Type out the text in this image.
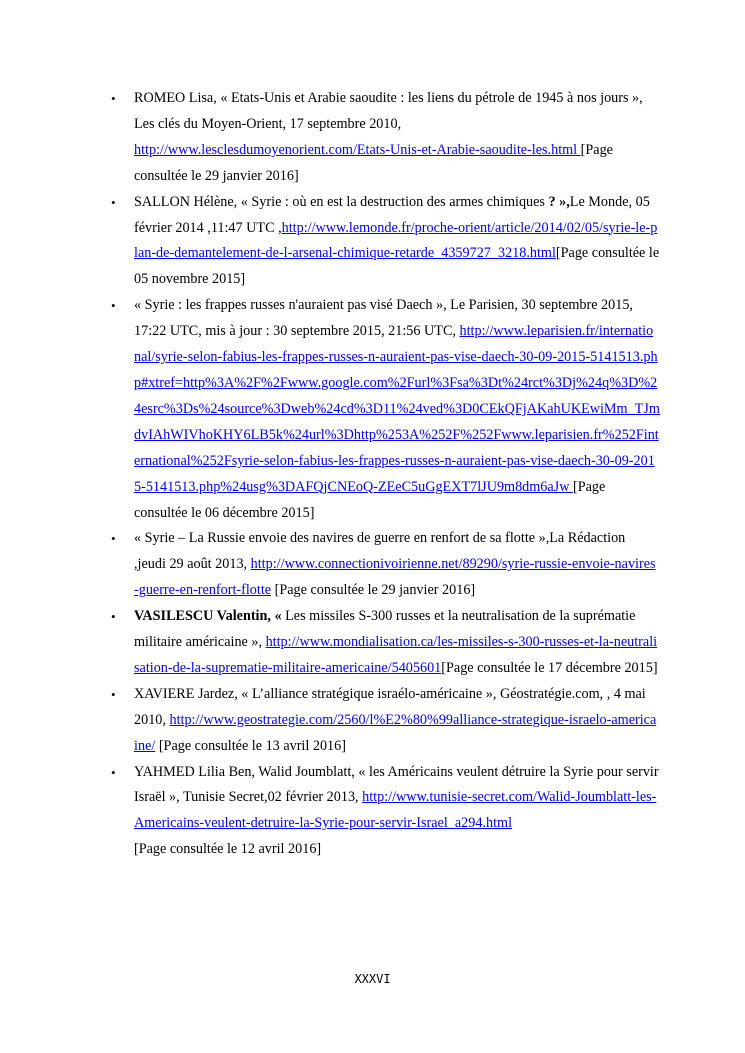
• ROMEO Lisa, « Etats-Unis et Arabie saoudite : les liens du pétrole de 1945 à nos jours », Les clés du Moyen-Orient, 17 septembre 2010,
http://www.lesclesdumoyenorient.com/Etats-Unis-et-Arabie-saoudite-les.html [Page consultée le 29 janvier 2016]
• SALLON Hélène, « Syrie : où en est la destruction des armes chimiques ? »,Le Monde, 05 février 2014 ,11:47 UTC ,http://www.lemonde.fr/proche-orient/article/2014/02/05/syrie-le-plan-de-demantelement-de-l-arsenal-chimique-retarde_4359727_3218.html[Page consultée le 05 novembre 2015]
• « Syrie : les frappes russes n'auraient pas visé Daech », Le Parisien, 30 septembre 2015, 17:22 UTC, mis à jour : 30 septembre 2015, 21:56 UTC, http://www.leparisien.fr/international/syrie-selon-fabius-les-frappes-russes-n-auraient-pas-vise-daech-30-09-2015-5141513.php#xtref=http%3A%2F%2Fwww.google.com%2Furl%3Fsa%3Dt%24rct%3Dj%24q%3D%24esrc%3Ds%24source%3Dweb%24cd%3D11%24ved%3D0CEkQFjAKahUKEwiMm_TJmdvIAhWIVhoKHY6LB5k%24url%3Dhttp%253A%252F%252Fwww.leparisien.fr%252Finternational%252Fsyrie-selon-fabius-les-frappes-russes-n-auraient-pas-vise-daech-30-09-2015-5141513.php%24usg%3DAFQjCNEoQ-ZEeC5uGgEXT7lJU9m8dm6aJw [Page consultée le 06 décembre 2015]
• « Syrie – La Russie envoie des navires de guerre en renfort de sa flotte »,La Rédaction ,jeudi 29 août 2013, http://www.connectionivoirienne.net/89290/syrie-russie-envoie-navires-guerre-en-renfort-flotte [Page consultée le 29 janvier 2016]
• VASILESCU Valentin, « Les missiles S-300 russes et la neutralisation de la suprématie militaire américaine », http://www.mondialisation.ca/les-missiles-s-300-russes-et-la-neutralisation-de-la-suprematie-militaire-americaine/5405601[Page consultée le 17 décembre 2015]
• XAVIERE Jardez, « L’alliance stratégique israélo-américaine », Géostratégie.com, , 4 mai 2010, http://www.geostrategie.com/2560/l%E2%80%99alliance-strategique-israelo-americaine/ [Page consultée le 13 avril 2016]
• YAHMED Lilia Ben, Walid Joumblatt, « les Américains veulent détruire la Syrie pour servir Israël », Tunisie Secret,02 février 2013, http://www.tunisie-secret.com/Walid-Joumblatt-les-Americains-veulent-detruire-la-Syrie-pour-servir-Israel_a294.html
[Page consultée le 12 avril 2016]
XXXVI
